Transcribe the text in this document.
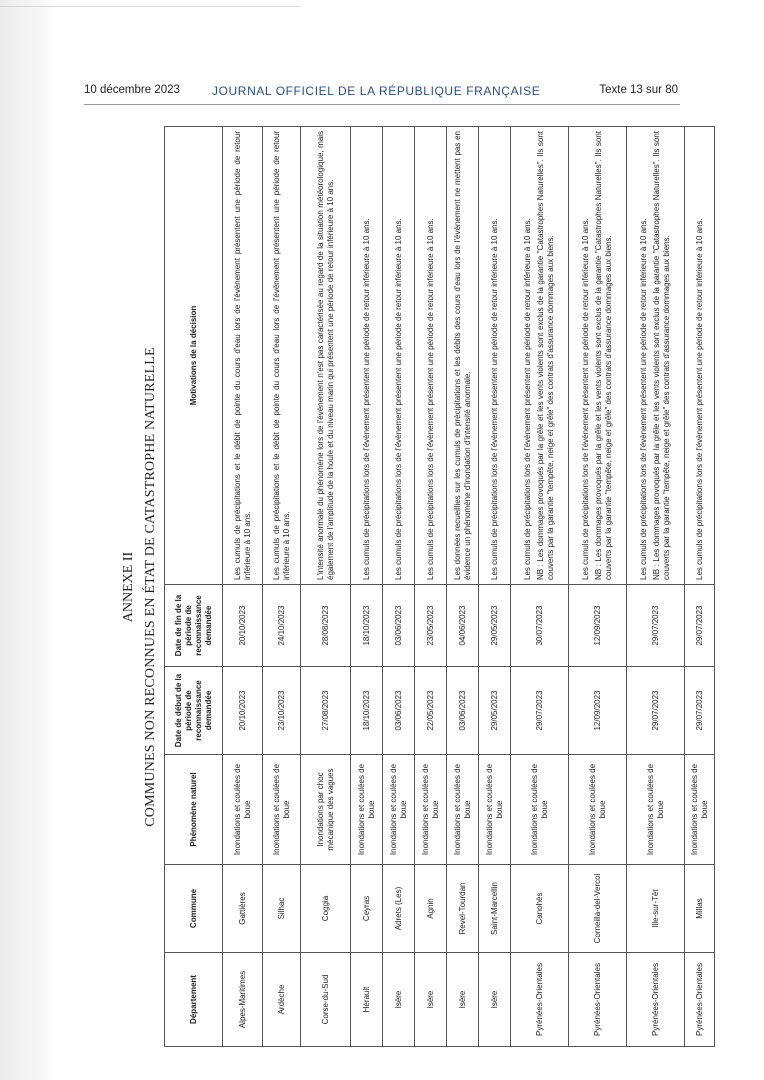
10 décembre 2023	JOURNAL OFFICIEL DE LA RÉPUBLIQUE FRANÇAISE	Texte 13 sur 80
ANNEXE II COMMUNES NON RECONNUES EN ÉTAT DE CATASTROPHE NATURELLE
Département	Commune	Phénomène naturel	Date de début de la période de reconnaissance demandée	Date de fin de la période de reconnaissance demandée	Motivations de la décision
Alpes-Maritimes	Gattières	Inondations et coulées de boue	20/10/2023	20/10/2023	Les cumuls de précipitations et le débit de pointe du cours d'eau lors de l'évènement présentent une période de retour inférieure à 10 ans.

Ardèche	Silhac	Inondations et coulées de boue	23/10/2023	24/10/2023	Les cumuls de précipitations et le débit de pointe du cours d'eau lors de l'évènement présentent une période de retour inférieure à 10 ans.

Corse-du-Sud	Coggia	Inondations par choc mécanique des vagues	27/08/2023	28/08/2023	L'intensité anormale du phénomène lors de l'évènement n'est pas caractérisée au regard de la situation météorologique, mais également de l'amplitude de la houle et du niveau marin qui présentent une période de retour inférieure à 10 ans.

Hérault	Ceyras	Inondations et coulées de boue	18/10/2023	18/10/2023	Les cumuls de précipitations lors de l'évènement présentent une période de retour inférieure à 10 ans.

Isère	Adrets (Les)	Inondations et coulées de boue	03/06/2023	03/06/2023	Les cumuls de précipitations lors de l'évènement présentent une période de retour inférieure à 10 ans.

Isère	Agnin	Inondations et coulées de boue	22/05/2023	23/05/2023	Les cumuls de précipitations lors de l'évènement présentent une période de retour inférieure à 10 ans.

Isère	Revel-Tourdan	Inondations et coulées de boue	03/06/2023	04/06/2023	Les données recueillies sur les cumuls de précipitations et les débits des cours d'eau lors de l'évènement ne mettent pas en évidence un phénomène d'inondation d'intensité anormale.

Isère	Saint-Marcellin	Inondations et coulées de boue	29/05/2023	29/05/2023	Les cumuls de précipitations lors de l'évènement présentent une période de retour inférieure à 10 ans.

Pyrénées-Orientales	Canohès	Inondations et coulées de boue	29/07/2023	30/07/2023	Les cumuls de précipitations lors de l'évènement présentent une période de retour inférieure à 10 ans. NB : Les dommages provoqués par la grêle et les vents violents sont exclus de la garantie "Catastrophes Naturelles". Ils sont couverts par la garantie "tempête, neige et grêle" des contrats d'assurance dommages aux biens.

Pyrénées-Orientales	Corneilla-del-Vercol	Inondations et coulées de boue	12/09/2023	12/09/2023	Les cumuls de précipitations lors de l'évènement présentent une période de retour inférieure à 10 ans. NB : Les dommages provoqués par la grêle et les vents violents sont exclus de la garantie "Catastrophes Naturelles". Ils sont couverts par la garantie "tempête, neige et grêle" des contrats d'assurance dommages aux biens.

Pyrénées-Orientales	Ille-sur-Têt	Inondations et coulées de boue	29/07/2023	29/07/2023	Les cumuls de précipitations lors de l'évènement présentent une période de retour inférieure à 10 ans. NB : Les dommages provoqués par la grêle et les vents violents sont exclus de la garantie "Catastrophes Naturelles". Ils sont couverts par la garantie "tempête, neige et grêle" des contrats d'assurance dommages aux biens.

Pyrénées-Orientales	Millas	Inondations et coulées de boue	29/07/2023	29/07/2023	Les cumuls de précipitations lors de l'évènement présentent une période de retour inférieure à 10 ans.
